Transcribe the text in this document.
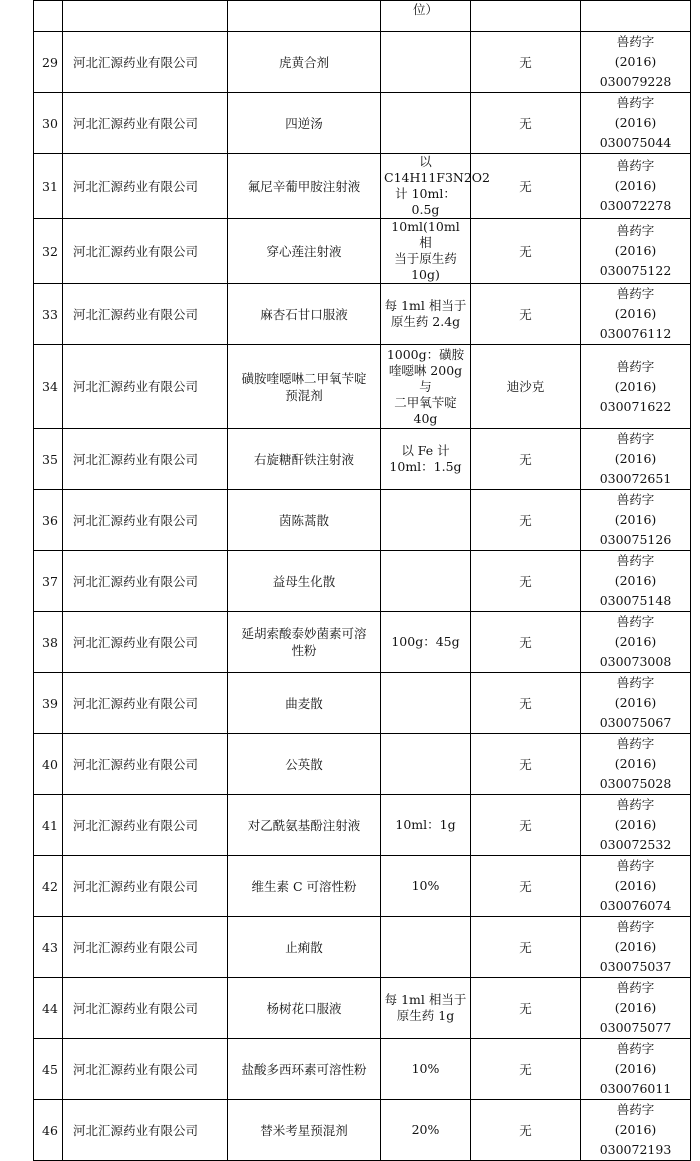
			位）		
29	河北汇源药业有限公司	虎黄合剂		无	兽药字
(2016) 030079228

30	河北汇源药业有限公司	四逆汤		无	兽药字
(2016) 030075044

31	河北汇源药业有限公司	氟尼辛葡甲胺注射液	以
C14H11F3N2O2
计 10ml：0.5g	无	兽药字
(2016) 030072278

32	河北汇源药业有限公司	穿心莲注射液	10ml(10ml 相
当于原生药
10g)	无	兽药字
(2016) 030075122

33	河北汇源药业有限公司	麻杏石甘口服液	每 1ml 相当于
原生药 2.4g	无	兽药字
(2016) 030076112

34	河北汇源药业有限公司	磺胺喹噁啉二甲氧苄啶
预混剂	1000g：磺胺
喹噁啉 200g 与
二甲氧苄啶
40g	迪沙克	兽药字
(2016) 030071622

35	河北汇源药业有限公司	右旋糖酐铁注射液	以 Fe 计
10ml：1.5g	无	兽药字
(2016) 030072651

36	河北汇源药业有限公司	茵陈蒿散		无	兽药字
(2016) 030075126

37	河北汇源药业有限公司	益母生化散		无	兽药字
(2016) 030075148

38	河北汇源药业有限公司	延胡索酸泰妙菌素可溶
性粉	100g：45g	无	兽药字
(2016) 030073008

39	河北汇源药业有限公司	曲麦散		无	兽药字
(2016) 030075067

40	河北汇源药业有限公司	公英散		无	兽药字
(2016) 030075028

41	河北汇源药业有限公司	对乙酰氨基酚注射液	10ml：1g	无	兽药字
(2016) 030072532

42	河北汇源药业有限公司	维生素 C 可溶性粉	10%	无	兽药字
(2016) 030076074

43	河北汇源药业有限公司	止痢散		无	兽药字
(2016) 030075037

44	河北汇源药业有限公司	杨树花口服液	每 1ml 相当于
原生药 1g	无	兽药字
(2016) 030075077

45	河北汇源药业有限公司	盐酸多西环素可溶性粉	10%	无	兽药字
(2016) 030076011

46	河北汇源药业有限公司	替米考星预混剂	20%	无	兽药字
(2016) 030072193
